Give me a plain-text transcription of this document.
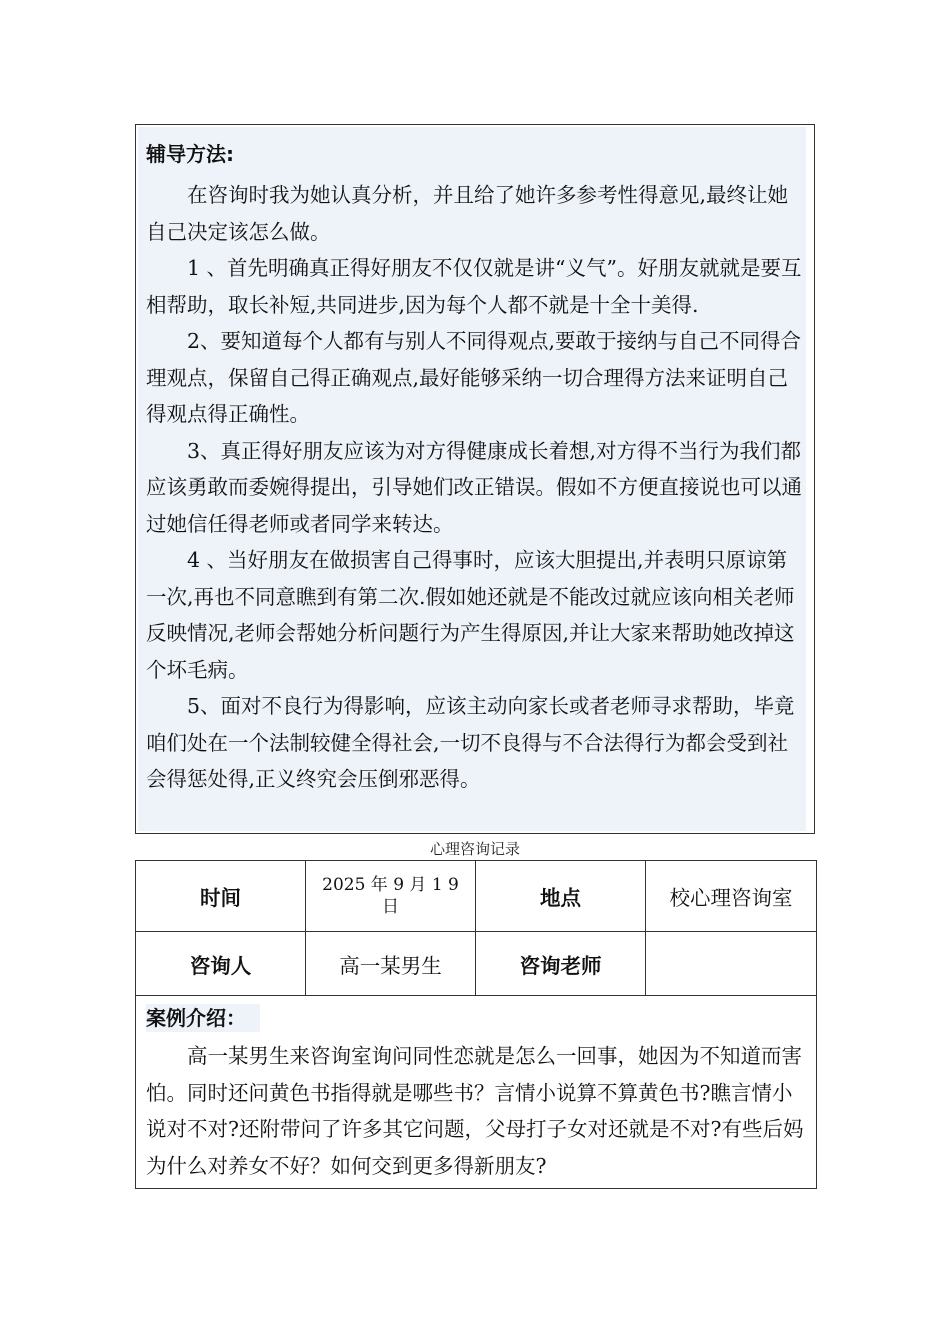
辅导方法:

在咨询时我为她认真分析，并且给了她许多参考性得意见,最终让她自己决定该怎么做。

1 、首先明确真正得好朋友不仅仅就是讲“义气”。好朋友就就是要互相帮助，取长补短,共同进步,因为每个人都不就是十全十美得.

2、要知道每个人都有与别人不同得观点,要敢于接纳与自己不同得合理观点，保留自己得正确观点,最好能够采纳一切合理得方法来证明自己得观点得正确性。

3、真正得好朋友应该为对方得健康成长着想,对方得不当行为我们都应该勇敢而委婉得提出，引导她们改正错误。假如不方便直接说也可以通过她信任得老师或者同学来转达。

4 、当好朋友在做损害自己得事时，应该大胆提出,并表明只原谅第一次,再也不同意瞧到有第二次.假如她还就是不能改过就应该向相关老师反映情况,老师会帮她分析问题行为产生得原因,并让大家来帮助她改掉这个坏毛病。

5、面对不良行为得影响，应该主动向家长或者老师寻求帮助，毕竟咱们处在一个法制较健全得社会,一切不良得与不合法得行为都会受到社会得惩处得,正义终究会压倒邪恶得。

心理咨询记录
时间	2025 年 9 月 1 9 日	地点	校心理咨询室
咨询人	高一某男生	咨询老师	
案例介绍：

高一某男生来咨询室询问同性恋就是怎么一回事，她因为不知道而害怕。同时还问黄色书指得就是哪些书？言情小说算不算黄色书?瞧言情小说对不对?还附带问了许多其它问题，父母打子女对还就是不对?有些后妈为什么对养女不好？如何交到更多得新朋友?			
